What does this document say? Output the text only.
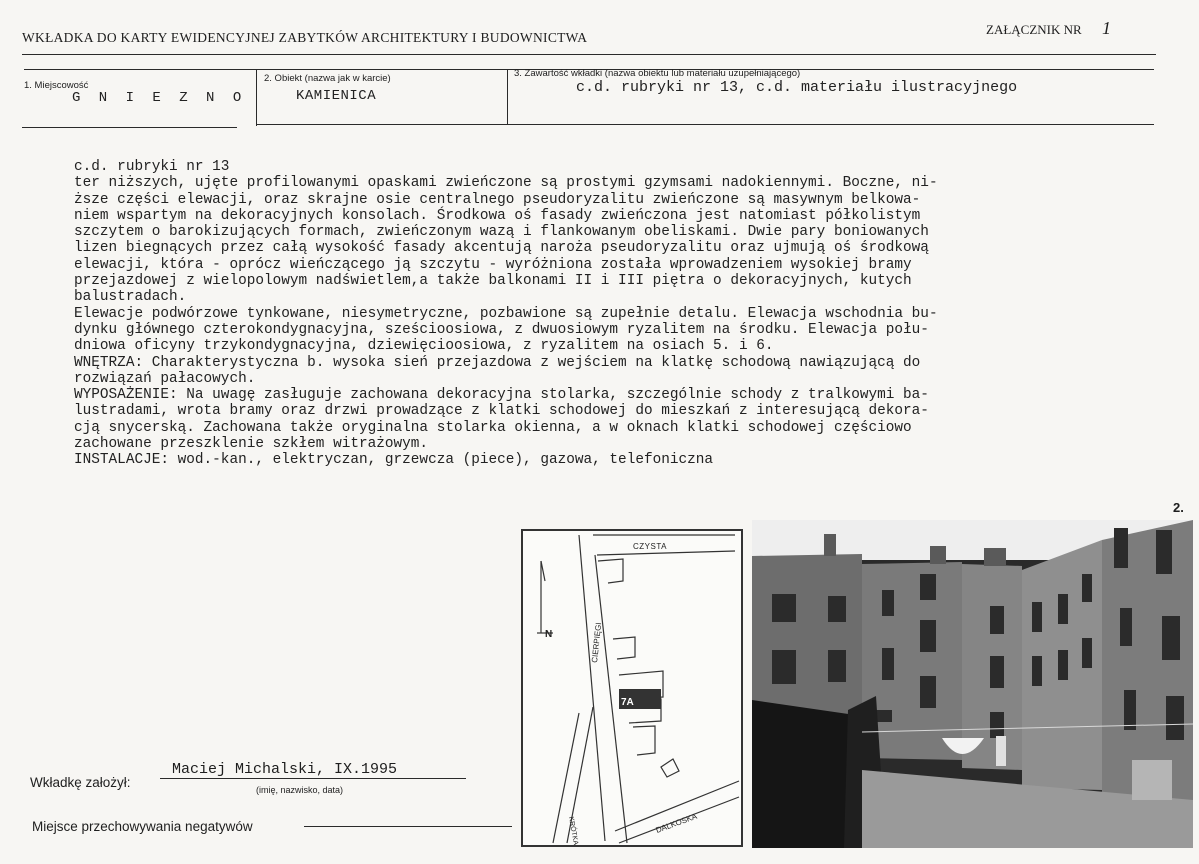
WKŁADKA DO KARTY EWIDENCYJNEJ ZABYTKÓW ARCHITEKTURY I BUDOWNICTWA
ZAŁĄCZNIK NR 1
1. Miejscowość
G N I E Z N O
2. Obiekt (nazwa jak w karcie)
KAMIENICA
3. Zawartość wkładki (nazwa obiektu lub materiału uzupełniającego)
c.d. rubryki nr 13, c.d. materiału ilustracyjnego
c.d. rubryki nr 13
ter niższych, ujęte profilowanymi opaskami zwieńczone są prostymi gzymsami nadokiennymi. Boczne, ni-
ższe części elewacji, oraz skrajne osie centralnego pseudoryzalitu zwieńczone są masywnym belkowa-
niem wspartym na dekoracyjnych konsolach. Środkowa oś fasady zwieńczona jest natomiast półkolistym
szczytem o barokizujących formach, zwieńczonym wazą i flankowanym obeliskami. Dwie pary boniowanych
lizen biegnących przez całą wysokość fasady akcentują naroża pseudoryzalitu oraz ujmują oś środkową
elewacji, która - oprócz wieńczącego ją szczytu - wyróżniona została wprowadzeniem wysokiej bramy
przejazdowej z wielopolowym nadświetlem,a także balkonami II i III piętra o dekoracyjnych, kutych
balustradach.
Elewacje podwórzowe tynkowane, niesymetryczne, pozbawione są zupełnie detalu. Elewacja wschodnia bu-
dynku głównego czterokondygnacyjna, sześcioosiowa, z dwuosiowym ryzalitem na środku. Elewacja połu-
dniowa oficyny trzykondygnacyjna, dziewięcioosiowa, z ryzalitem na osiach 5. i 6.
WNĘTRZA: Charakterystyczna b. wysoka sień przejazdowa z wejściem na klatkę schodową nawiązującą do
rozwiązań pałacowych.
WYPOSAŻENIE: Na uwagę zasługuje zachowana dekoracyjna stolarka, szczególnie schody z tralkowymi ba-
lustradami, wrota bramy oraz drzwi prowadzące z klatki schodowej do mieszkań z interesującą dekora-
cją snycerską. Zachowana także oryginalna stolarka okienna, a w oknach klatki schodowej częściowo
zachowane przeszklenie szkłem witrażowym.
INSTALACJE: wod.-kan., elektryczan, grzewcza (piece), gazowa, telefoniczna
Wkładkę założył:
Maciej Michalski, IX.1995
(imię, nazwisko, data)
Miejsce przechowywania negatywów
CZYSTA
CIERPIĘGI
KRÓTKA	DALKOSKA
N
7A
2.
